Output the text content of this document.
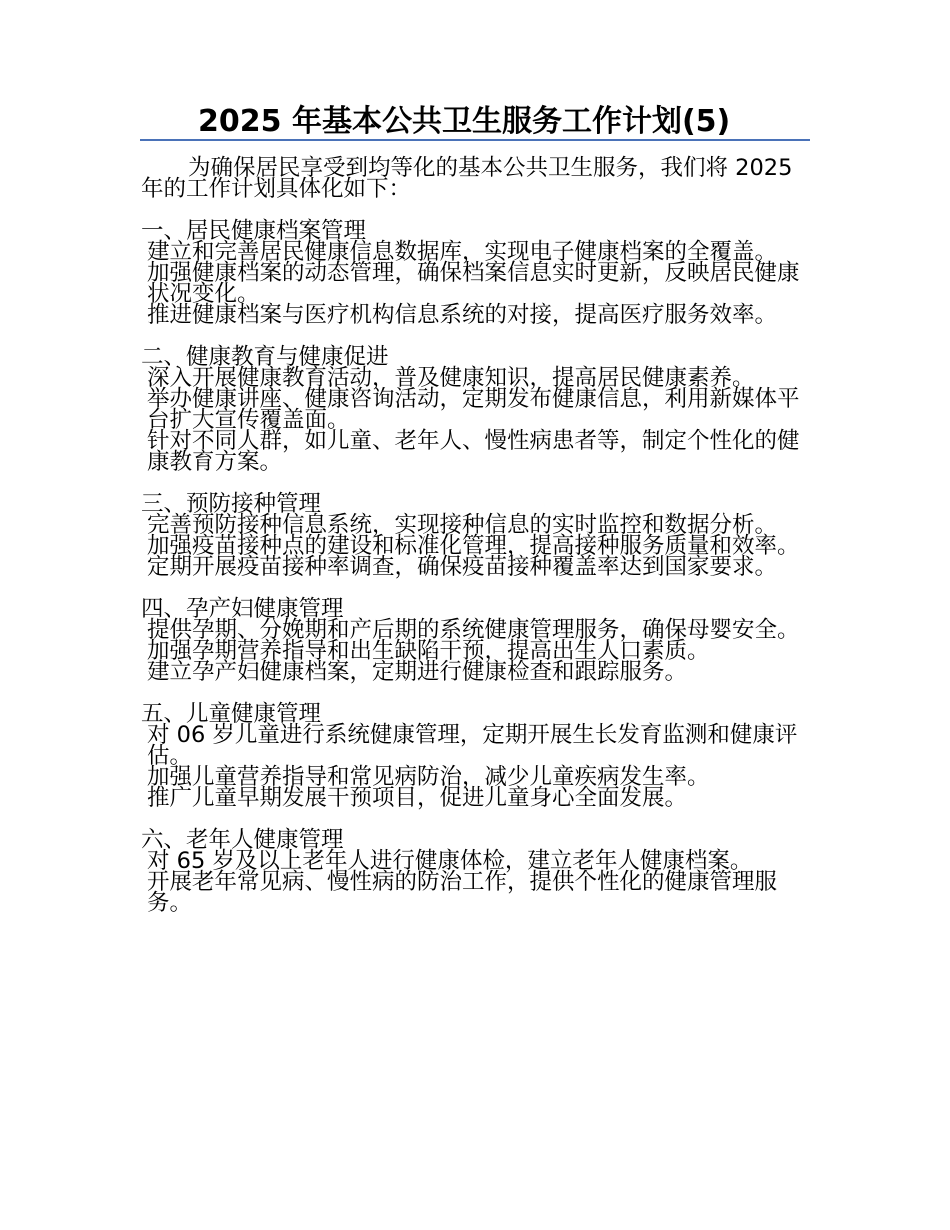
2025 年基本公共卫生服务工作计划(5)

为确保居民享受到均等化的基本公共卫生服务，我们将 2025 年的工作计划具体化如下：

一、居民健康档案管理

建立和完善居民健康信息数据库，实现电子健康档案的全覆盖。

加强健康档案的动态管理，确保档案信息实时更新，反映居民健康状况变化。

推进健康档案与医疗机构信息系统的对接，提高医疗服务效率。

二、健康教育与健康促进

深入开展健康教育活动，普及健康知识，提高居民健康素养。

举办健康讲座、健康咨询活动，定期发布健康信息，利用新媒体平台扩大宣传覆盖面。

针对不同人群，如儿童、老年人、慢性病患者等，制定个性化的健康教育方案。

三、预防接种管理

完善预防接种信息系统，实现接种信息的实时监控和数据分析。

加强疫苗接种点的建设和标准化管理，提高接种服务质量和效率。

定期开展疫苗接种率调查，确保疫苗接种覆盖率达到国家要求。

四、孕产妇健康管理

提供孕期、分娩期和产后期的系统健康管理服务，确保母婴安全。

加强孕期营养指导和出生缺陷干预，提高出生人口素质。

建立孕产妇健康档案，定期进行健康检查和跟踪服务。

五、儿童健康管理

对 06 岁儿童进行系统健康管理，定期开展生长发育监测和健康评估。

加强儿童营养指导和常见病防治，减少儿童疾病发生率。

推广儿童早期发展干预项目，促进儿童身心全面发展。

六、老年人健康管理

对 65 岁及以上老年人进行健康体检，建立老年人健康档案。

开展老年常见病、慢性病的防治工作，提供个性化的健康管理服务。
